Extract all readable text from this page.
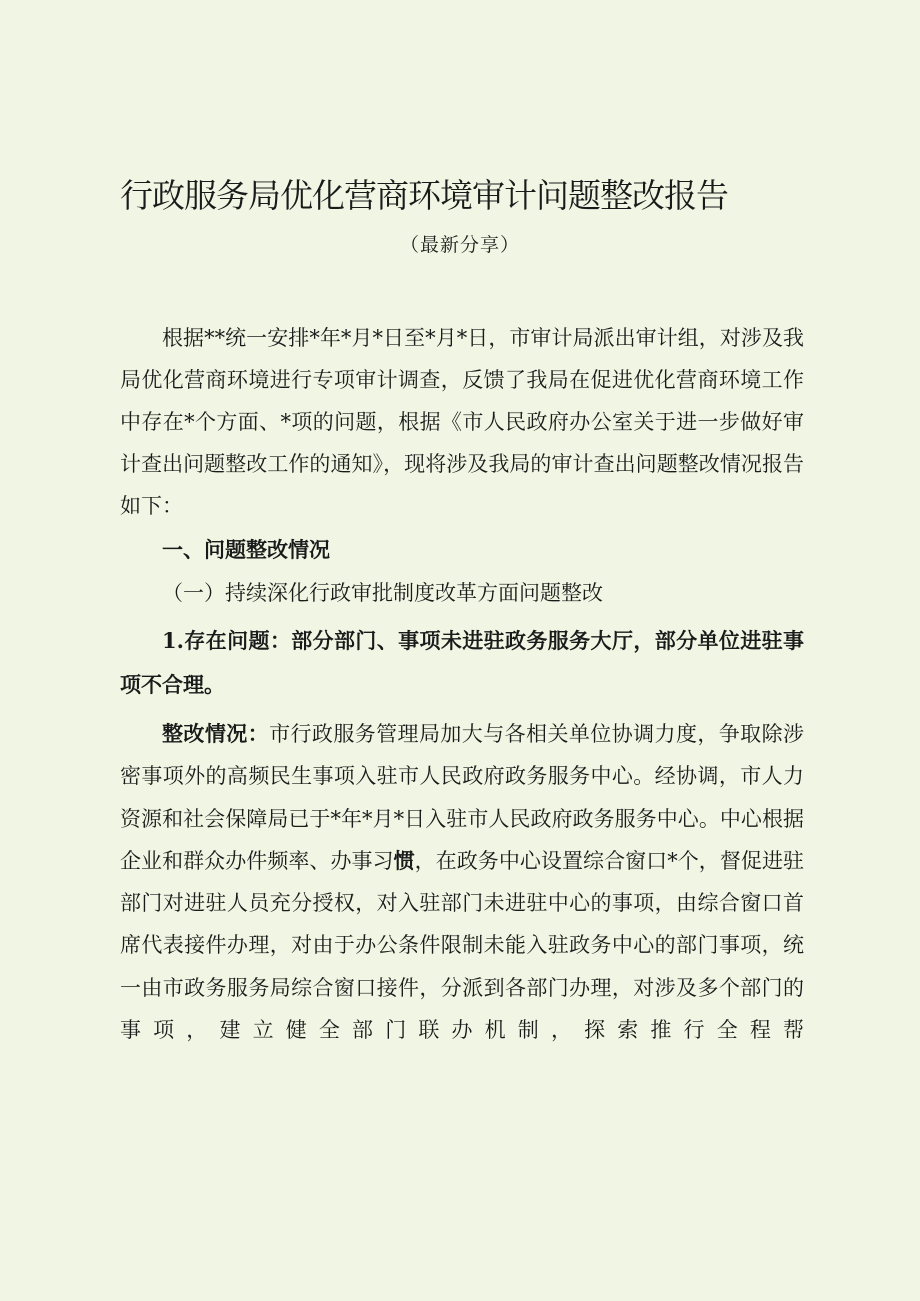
行政服务局优化营商环境审计问题整改报告
（最新分享）

根据**统一安排*年*月*日至*月*日，市审计局派出审计组，对涉及我局优化营商环境进行专项审计调查，反馈了我局在促进优化营商环境工作中存在*个方面、*项的问题，根据《市人民政府办公室关于进一步做好审计查出问题整改工作的通知》，现将涉及我局的审计查出问题整改情况报告如下：

一、问题整改情况

（一）持续深化行政审批制度改革方面问题整改

1.存在问题：部分部门、事项未进驻政务服务大厅，部分单位进驻事项不合理。

整改情况：市行政服务管理局加大与各相关单位协调力度，争取除涉密事项外的高频民生事项入驻市人民政府政务服务中心。经协调，市人力资源和社会保障局已于*年*月*日入驻市人民政府政务服务中心。中心根据企业和群众办件频率、办事习惯，在政务中心设置综合窗口*个，督促进驻部门对进驻人员充分授权，对入驻部门未进驻中心的事项，由综合窗口首席代表接件办理，对由于办公条件限制未能入驻政务中心的部门事项，统一由市政务服务局综合窗口接件，分派到各部门办理，对涉及多个部门的事项，建立健全部门联办机制，探索推行全程帮
